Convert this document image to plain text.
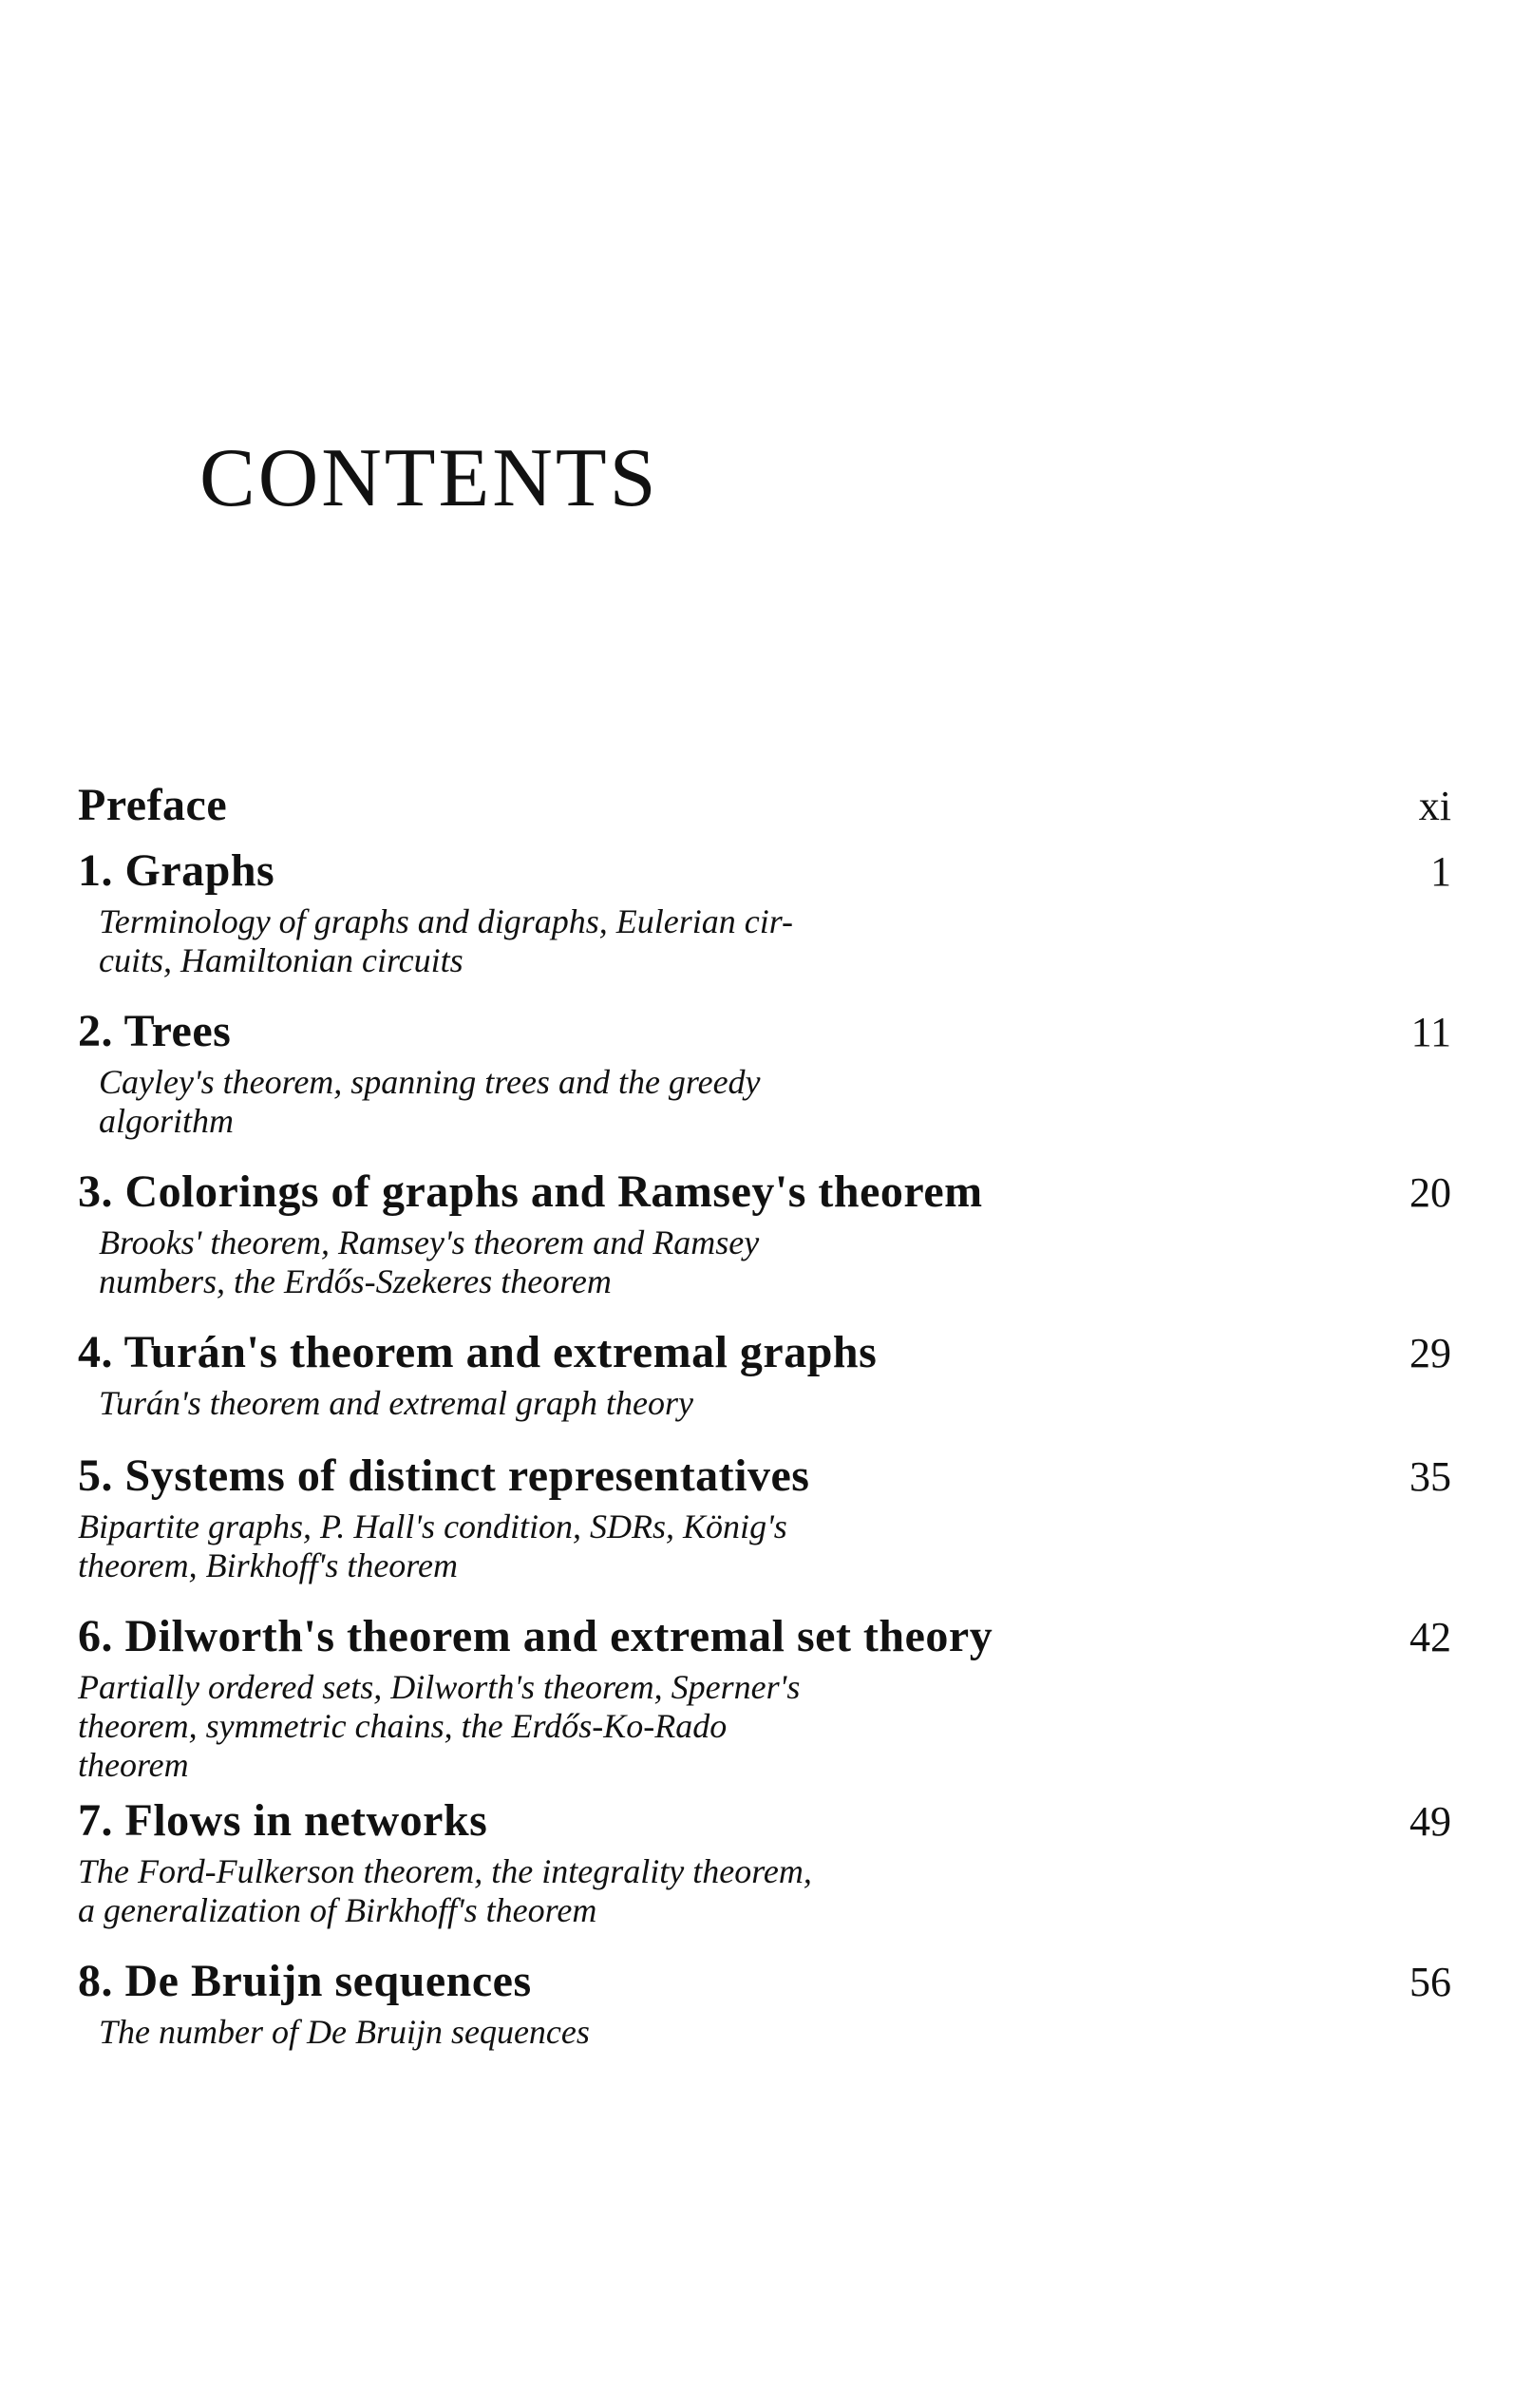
CONTENTS
Preface	xi
1. Graphs	1
Terminology of graphs and digraphs, Eulerian cir-
cuits, Hamiltonian circuits
2. Trees	11
Cayley's theorem, spanning trees and the greedy
algorithm
3. Colorings of graphs and Ramsey's theorem	20
Brooks' theorem, Ramsey's theorem and Ramsey
numbers, the Erdős-Szekeres theorem
4. Turán's theorem and extremal graphs	29
Turán's theorem and extremal graph theory
5. Systems of distinct representatives	35
Bipartite graphs, P. Hall's condition, SDRs, König's
theorem, Birkhoff's theorem
6. Dilworth's theorem and extremal set theory	42
Partially ordered sets, Dilworth's theorem, Sperner's
theorem, symmetric chains, the Erdős-Ko-Rado
theorem
7. Flows in networks	49
The Ford-Fulkerson theorem, the integrality theorem,
a generalization of Birkhoff's theorem
8. De Bruijn sequences	56
The number of De Bruijn sequences
